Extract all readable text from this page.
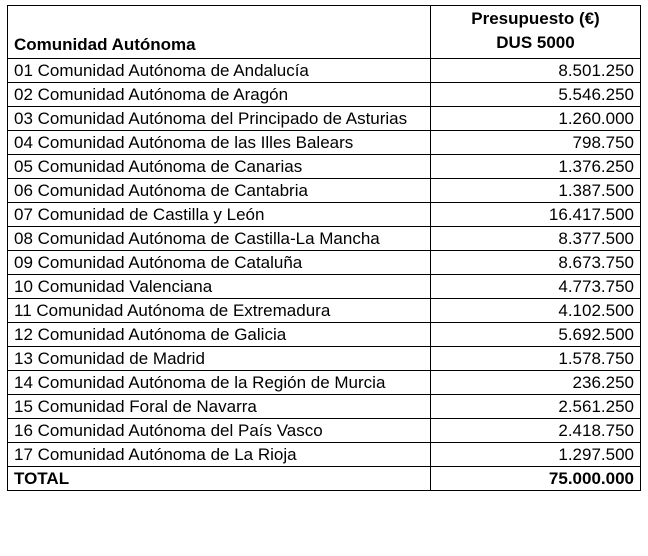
Comunidad Autónoma	Presupuesto (€)
DUS 5000

01 Comunidad Autónoma de Andalucía	8.501.250
02 Comunidad Autónoma de Aragón	5.546.250
03 Comunidad Autónoma del Principado de Asturias	1.260.000
04 Comunidad Autónoma de las Illes Balears	798.750
05 Comunidad Autónoma de Canarias	1.376.250
06 Comunidad Autónoma de Cantabria	1.387.500
07 Comunidad de Castilla y León	16.417.500
08 Comunidad Autónoma de Castilla-La Mancha	8.377.500
09 Comunidad Autónoma de Cataluña	8.673.750
10 Comunidad Valenciana	4.773.750
11 Comunidad Autónoma de Extremadura	4.102.500
12 Comunidad Autónoma de Galicia	5.692.500
13 Comunidad de Madrid	1.578.750
14 Comunidad Autónoma de la Región de Murcia	236.250
15 Comunidad Foral de Navarra	2.561.250
16 Comunidad Autónoma del País Vasco	2.418.750
17 Comunidad Autónoma de La Rioja	1.297.500
TOTAL	75.000.000
